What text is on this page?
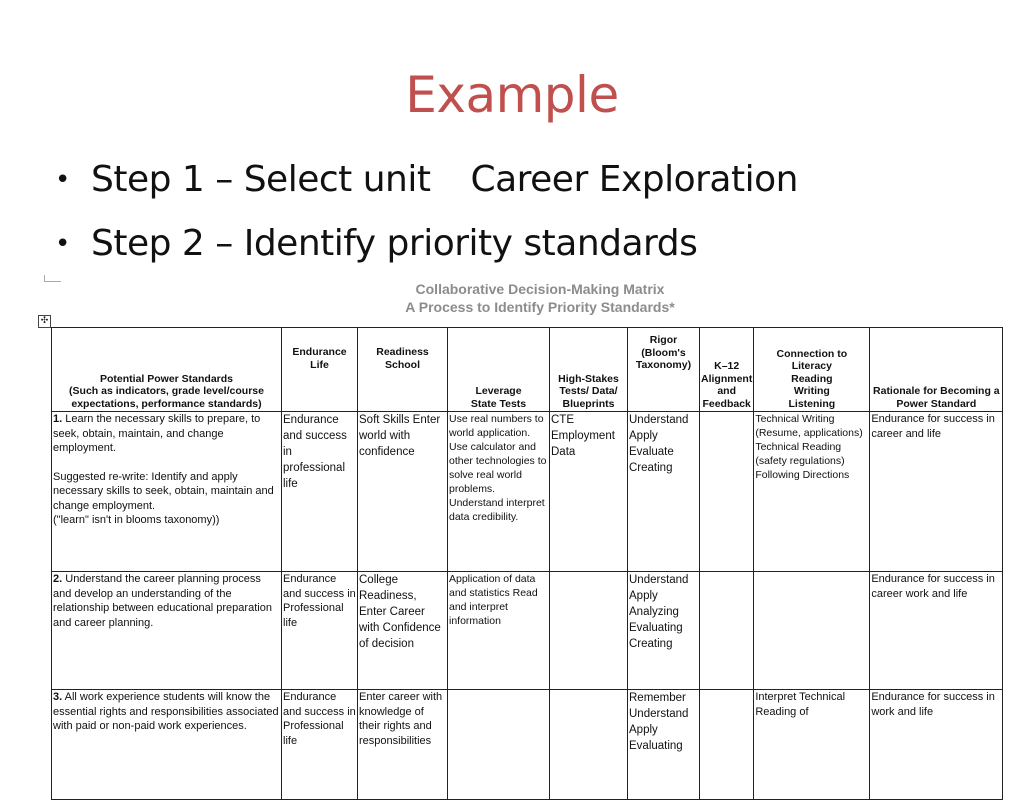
Example
• Step 1 – Select unit Career Exploration
• Step 2 – Identify priority standards
Collaborative Decision-Making Matrix
A Process to Identify Priority Standards*
✣
Potential Power Standards
(Such as indicators, grade level/course expectations, performance standards)	Endurance Life	Readiness School	Leverage State Tests	High-Stakes Tests/ Data/ Blueprints	Rigor (Bloom's Taxonomy)	K–12 Alignment and Feedback	Connection to Literacy Reading Writing Listening	Rationale for Becoming a Power Standard

1. Learn the necessary skills to prepare, to seek, obtain, maintain, and change employment.
Suggested re-write: Identify and apply necessary skills to seek, obtain, maintain and change employment.
("learn" isn't in blooms taxonomy))	Endurance and success in professional life	Soft Skills Enter world with confidence	Use real numbers to world application. Use calculator and other technologies to solve real world problems. Understand interpret data credibility.	CTE Employment Data	Understand Apply Evaluate Creating		Technical Writing (Resume, applications) Technical Reading (safety regulations) Following Directions	Endurance for success in career and life

2. Understand the career planning process and develop an understanding of the relationship between educational preparation and career planning.	Endurance and success in Professional life	College Readiness, Enter Career with Confidence of decision	Application of data and statistics Read and interpret information		Understand Apply Analyzing Evaluating Creating			Endurance for success in career work and life

3. All work experience students will know the essential rights and responsibilities associated with paid or non-paid work experiences.	Endurance and success in Professional life	Enter career with knowledge of their rights and responsibilities			Remember Understand Apply Evaluating		Interpret Technical Reading of	Endurance for success in work and life
